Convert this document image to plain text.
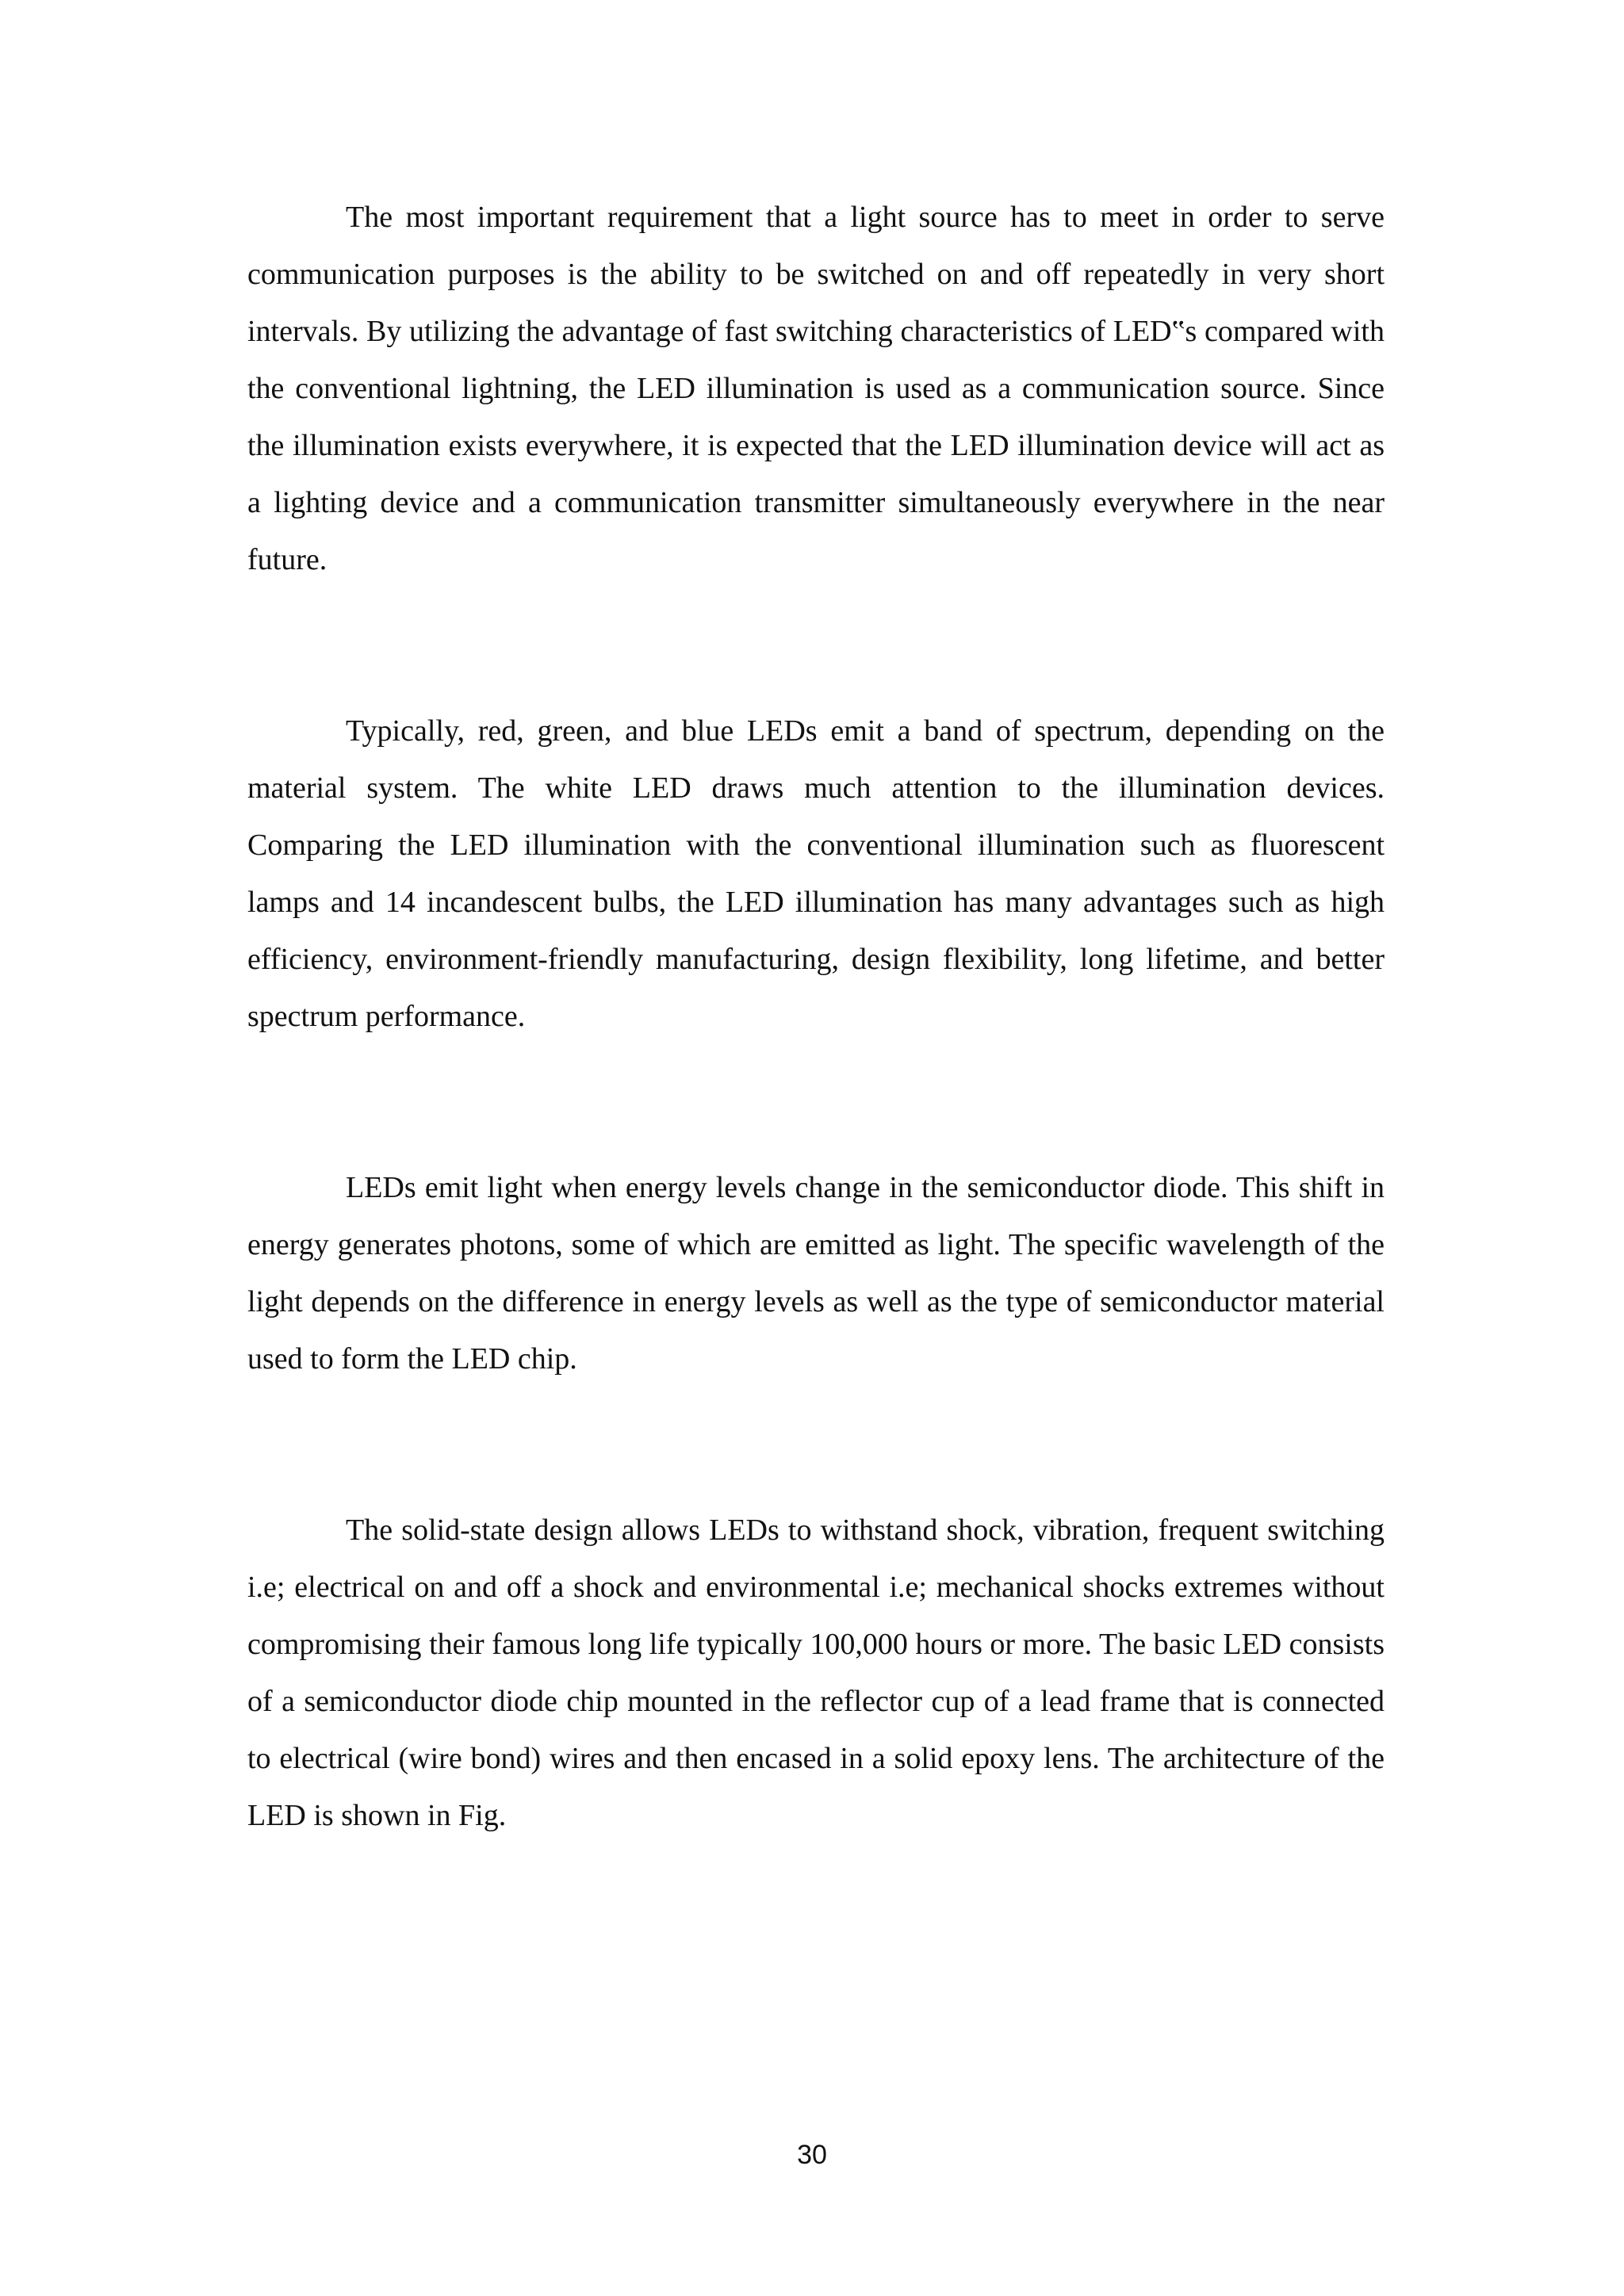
The most important requirement that a light source has to meet in order to serve communication purposes is the ability to be switched on and off repeatedly in very short intervals. By utilizing the advantage of fast switching characteristics of LED‟s compared with the conventional lightning, the LED illumination is used as a communication source. Since the illumination exists everywhere, it is expected that the LED illumination device will act as a lighting device and a communication transmitter simultaneously everywhere in the near future.

Typically, red, green, and blue LEDs emit a band of spectrum, depending on the material system. The white LED draws much attention to the illumination devices. Comparing the LED illumination with the conventional illumination such as fluorescent lamps and 14 incandescent bulbs, the LED illumination has many advantages such as high efficiency, environment-friendly manufacturing, design flexibility, long lifetime, and better spectrum performance.

LEDs emit light when energy levels change in the semiconductor diode. This shift in energy generates photons, some of which are emitted as light. The specific wavelength of the light depends on the difference in energy levels as well as the type of semiconductor material used to form the LED chip.

The solid-state design allows LEDs to withstand shock, vibration, frequent switching i.e; electrical on and off a shock and environmental i.e; mechanical shocks extremes without compromising their famous long life typically 100,000 hours or more. The basic LED consists of a semiconductor diode chip mounted in the reflector cup of a lead frame that is connected to electrical (wire bond) wires and then encased in a solid epoxy lens. The architecture of the LED is shown in Fig.

30
